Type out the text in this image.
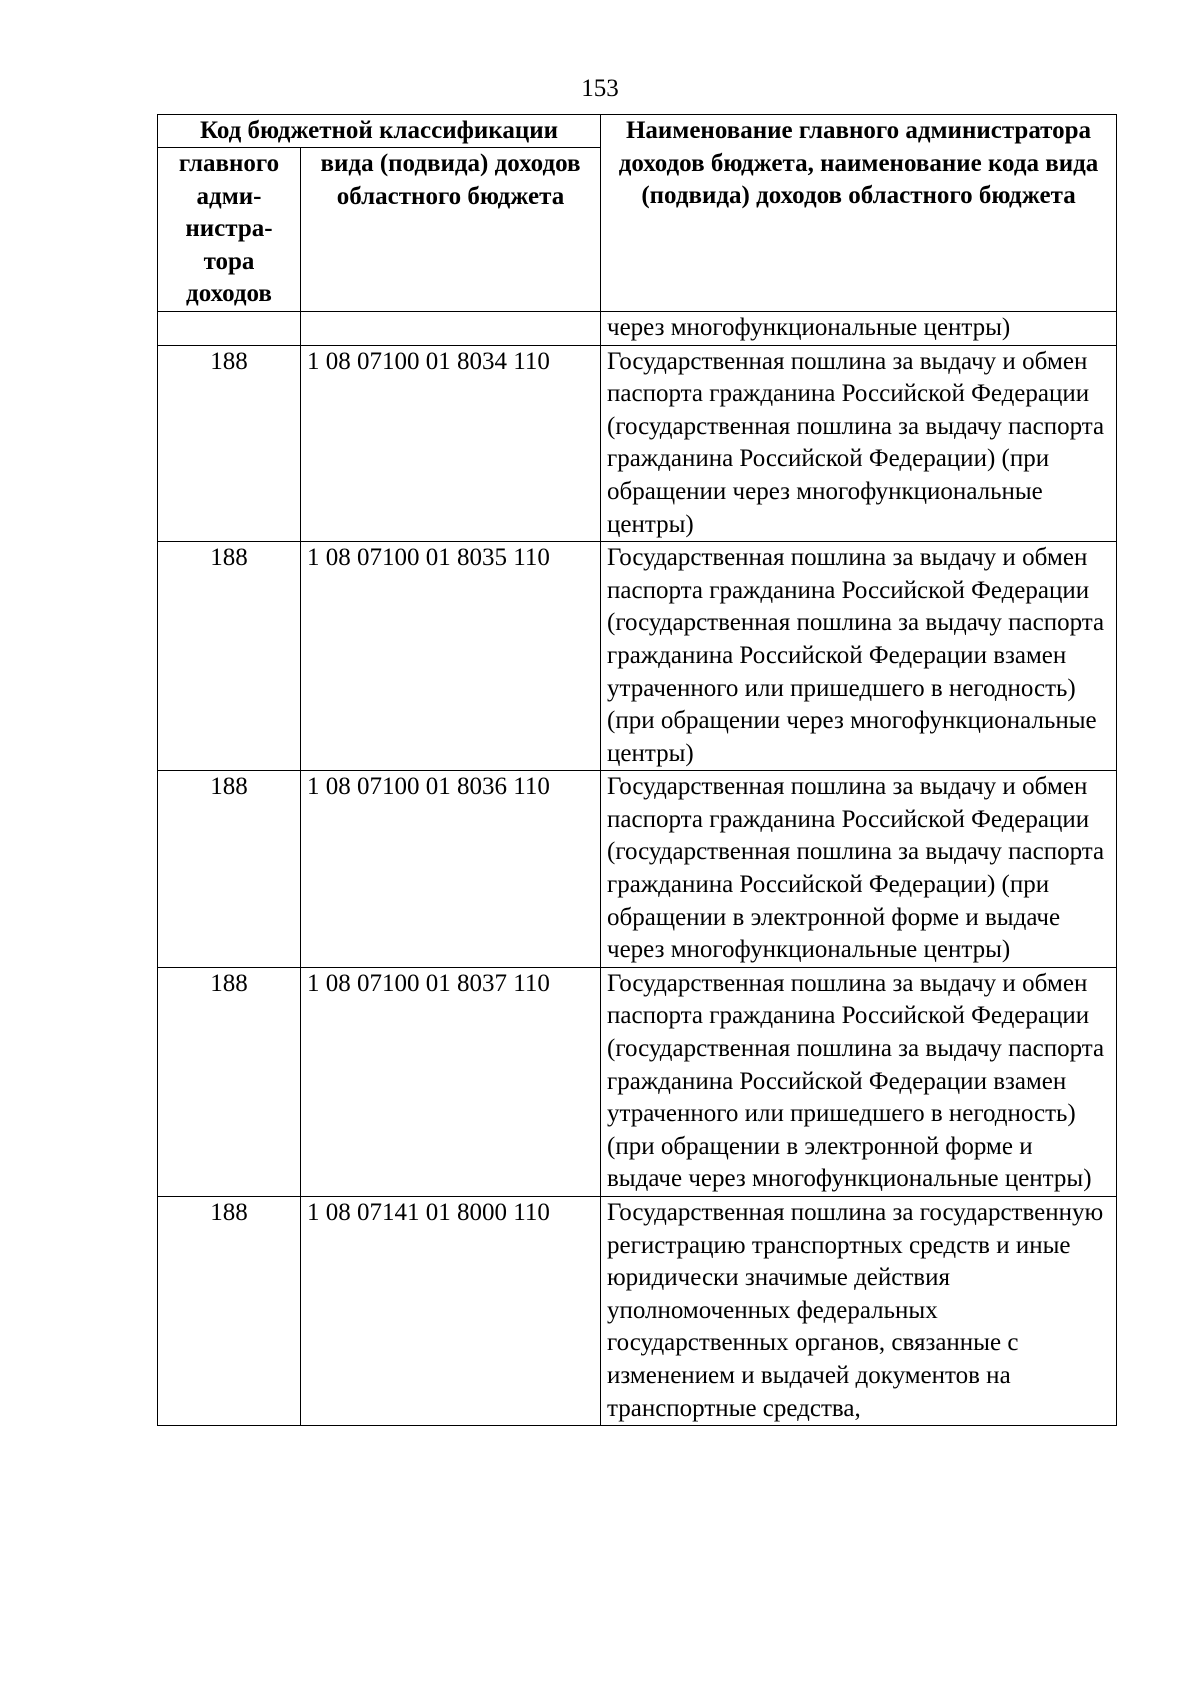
153
Код бюджетной классификации		Наименование главного администратора доходов бюджета, наименование кода вида (подвида) доходов областного бюджета
главного адми-нистра-тора доходов	вида (подвида) доходов областного бюджета	
		через многофункциональные центры)
188	1 08 07100 01 8034 110	Государственная пошлина за выдачу и обмен паспорта гражданина Российской Федерации (государственная пошлина за выдачу паспорта гражданина Российской Федерации) (при обращении через многофункциональные центры)
188	1 08 07100 01 8035 110	Государственная пошлина за выдачу и обмен паспорта гражданина Российской Федерации (государственная пошлина за выдачу паспорта гражданина Российской Федерации взамен утраченного или пришедшего в негодность) (при обращении через многофункциональные центры)
188	1 08 07100 01 8036 110	Государственная пошлина за выдачу и обмен паспорта гражданина Российской Федерации (государственная пошлина за выдачу паспорта гражданина Российской Федерации) (при обращении в электронной форме и выдаче через многофункциональные центры)
188	1 08 07100 01 8037 110	Государственная пошлина за выдачу и обмен паспорта гражданина Российской Федерации (государственная пошлина за выдачу паспорта гражданина Российской Федерации взамен утраченного или пришедшего в негодность) (при обращении в электронной форме и выдаче через многофункциональные центры)
188	1 08 07141 01 8000 110	Государственная пошлина за государственную регистрацию транспортных средств и иные юридически значимые действия уполномоченных федеральных государственных органов, связанные с изменением и выдачей документов на транспортные средства,
